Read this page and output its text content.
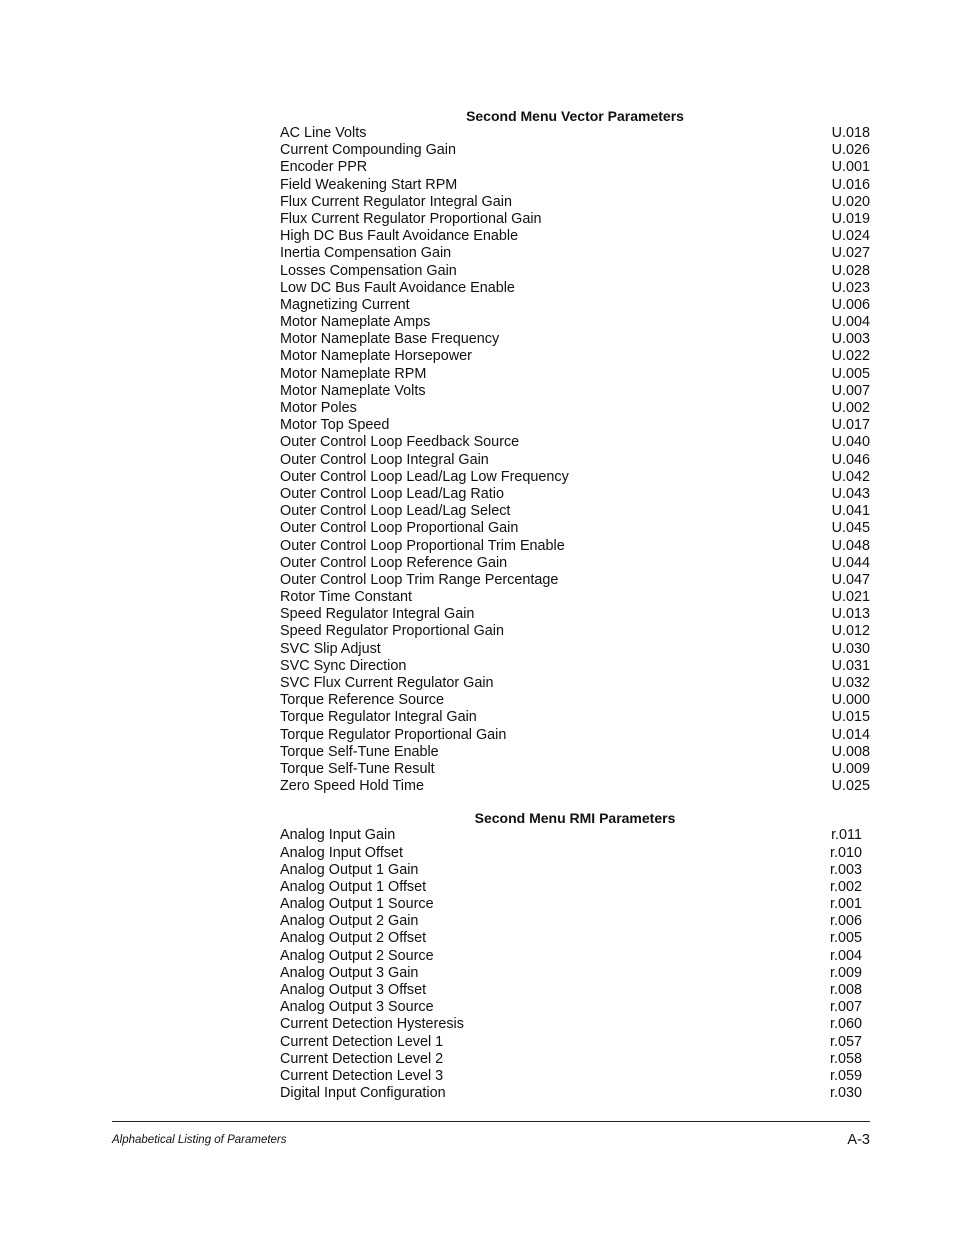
Second Menu Vector Parameters
AC Line Volts	U.018
Current Compounding Gain	U.026
Encoder PPR	U.001
Field Weakening Start RPM	U.016
Flux Current Regulator Integral Gain	U.020
Flux Current Regulator Proportional Gain	U.019
High DC Bus Fault Avoidance Enable	U.024
Inertia Compensation Gain	U.027
Losses Compensation Gain	U.028
Low DC Bus Fault Avoidance Enable	U.023
Magnetizing Current	U.006
Motor Nameplate Amps	U.004
Motor Nameplate Base Frequency	U.003
Motor Nameplate Horsepower	U.022
Motor Nameplate RPM	U.005
Motor Nameplate Volts	U.007
Motor Poles	U.002
Motor Top Speed	U.017
Outer Control Loop Feedback Source	U.040
Outer Control Loop Integral Gain	U.046
Outer Control Loop Lead/Lag Low Frequency	U.042
Outer Control Loop Lead/Lag Ratio	U.043
Outer Control Loop Lead/Lag Select	U.041
Outer Control Loop Proportional Gain	U.045
Outer Control Loop Proportional Trim Enable	U.048
Outer Control Loop Reference Gain	U.044
Outer Control Loop Trim Range Percentage	U.047
Rotor Time Constant	U.021
Speed Regulator Integral Gain	U.013
Speed Regulator Proportional Gain	U.012
SVC Slip Adjust	U.030
SVC Sync Direction	U.031
SVC Flux Current Regulator Gain	U.032
Torque Reference Source	U.000
Torque Regulator Integral Gain	U.015
Torque Regulator Proportional Gain	U.014
Torque Self-Tune Enable	U.008
Torque Self-Tune Result	U.009
Zero Speed Hold Time	U.025
Second Menu RMI Parameters
Analog Input Gain	r.011
Analog Input Offset	r.010
Analog Output 1 Gain	r.003
Analog Output 1 Offset	r.002
Analog Output 1 Source	r.001
Analog Output 2 Gain	r.006
Analog Output 2 Offset	r.005
Analog Output 2 Source	r.004
Analog Output 3 Gain	r.009
Analog Output 3 Offset	r.008
Analog Output 3 Source	r.007
Current Detection Hysteresis	r.060
Current Detection Level 1	r.057
Current Detection Level 2	r.058
Current Detection Level 3	r.059
Digital Input Configuration	r.030
Alphabetical Listing of Parameters	A-3
